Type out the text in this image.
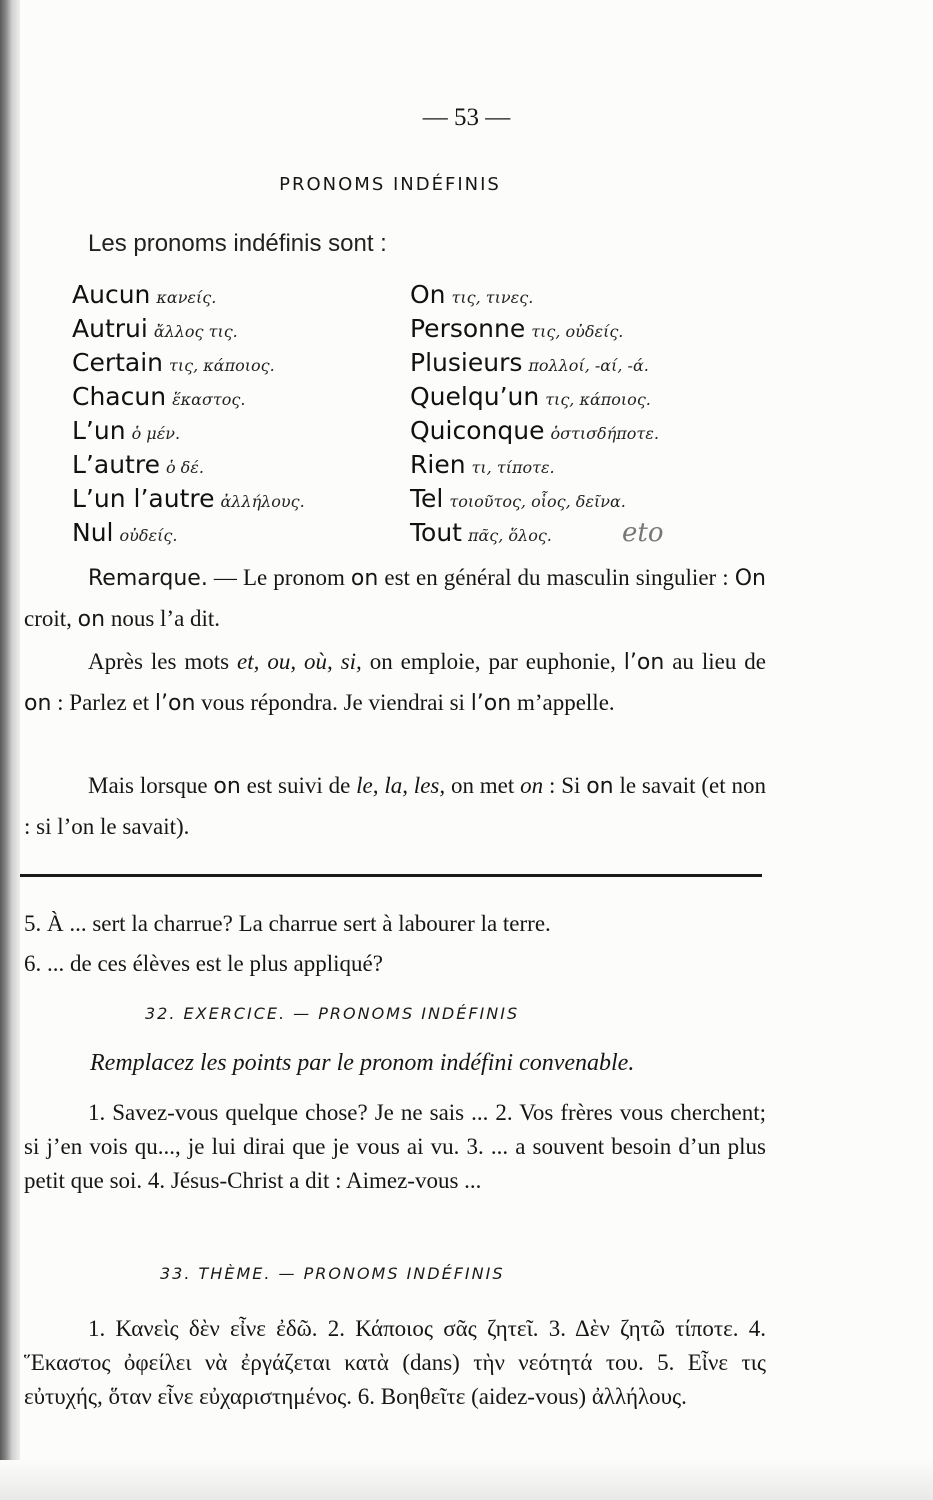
— 53 —
PRONOMS INDÉFINIS
Les pronoms indéfinis sont :
Aucun κανείς.
Autrui ἄλλος τις.
Certain τις, κάποιος.
Chacun ἕκαστος.
L’un ὁ μέν.
L’autre ὁ δέ.
L’un l’autre ἀλλήλους.
Nul οὐδείς.
On τις, τινες.
Personne τις, οὐδείς.
Plusieurs πολλοί, -αί, -ά.
Quelqu’un τις, κάποιος.
Quiconque ὁστισδήποτε.
Rien τι, τίποτε.
Tel τοιοῦτος, οἷος, δεῖνα.
Tout πᾶς, ὅλος.	eto

Remarque. — Le pronom on est en général du masculin singulier : On croit, on nous l’a dit.

Après les mots et, ou, où, si, on emploie, par euphonie, l’on au lieu de on : Parlez et l’on vous répondra. Je viendrai si l’on m’appelle.

Mais lorsque on est suivi de le, la, les, on met on : Si on le savait (et non : si l’on le savait).

5. À ... sert la charrue? La charrue sert à labourer la terre.

6. ... de ces élèves est le plus appliqué?

32. EXERCICE. — PRONOMS INDÉFINIS
Remplacez les points par le pronom indéfini convenable.

1. Savez-vous quelque chose? Je ne sais ... 2. Vos frères vous cherchent; si j’en vois qu..., je lui dirai que je vous ai vu. 3. ... a souvent besoin d’un plus petit que soi. 4. Jésus-Christ a dit : Aimez-vous ...

33. THÈME. — PRONOMS INDÉFINIS

1. Κανεὶς δὲν εἶνε ἐδῶ. 2. Κάποιος σᾶς ζητεῖ. 3. Δὲν ζητῶ τίποτε. 4. Ἕκαστος ὀφείλει νὰ ἐργάζεται κατὰ (dans) τὴν νεότητά του. 5. Εἶνε τις εὐτυχής, ὅταν εἶνε εὐχαριστημένος. 6. Βοηθεῖτε (aidez-vous) ἀλλήλους.
